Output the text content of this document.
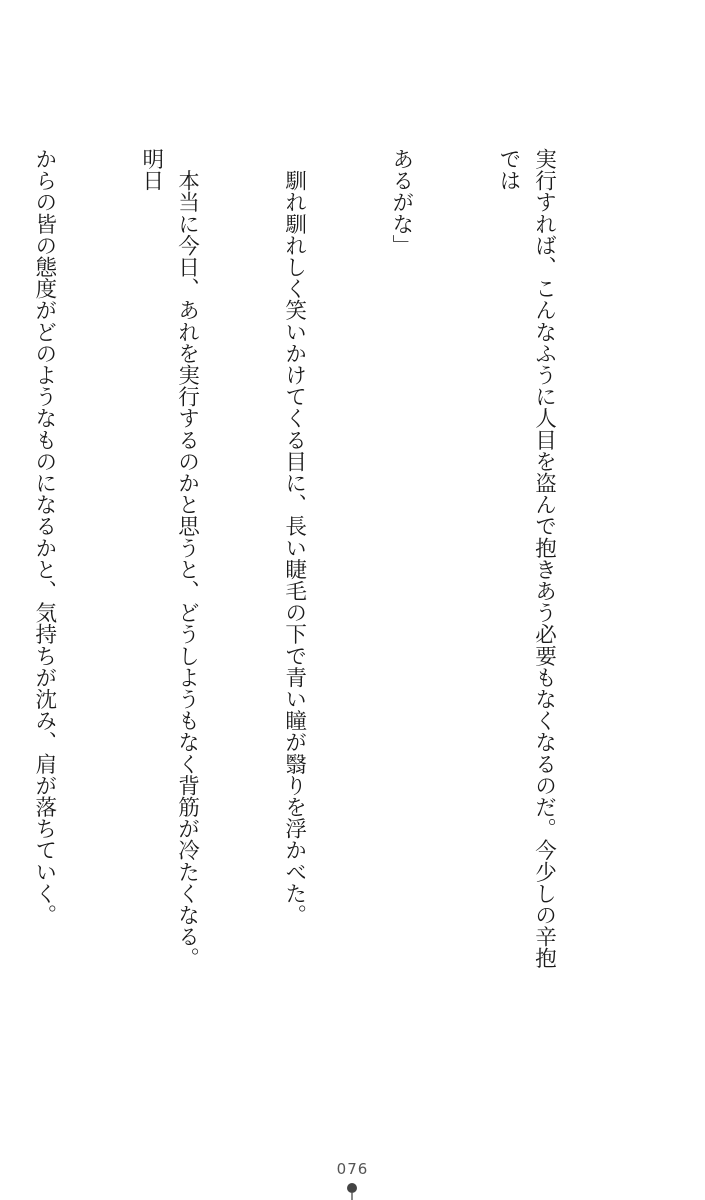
実行すれば、こんなふうに人目を盗んで抱きあう必要もなくなるのだ。今少しの辛抱では

あるがな」

　馴れ馴れしく笑いかけてくる目に、長い睫毛の下で青い瞳が翳りを浮かべた。

　本当に今日、あれを実行するのかと思うと、どうしようもなく背筋が冷たくなる。明日

からの皆の態度がどのようなものになるかと、気持ちが沈み、肩が落ちていく。

076
